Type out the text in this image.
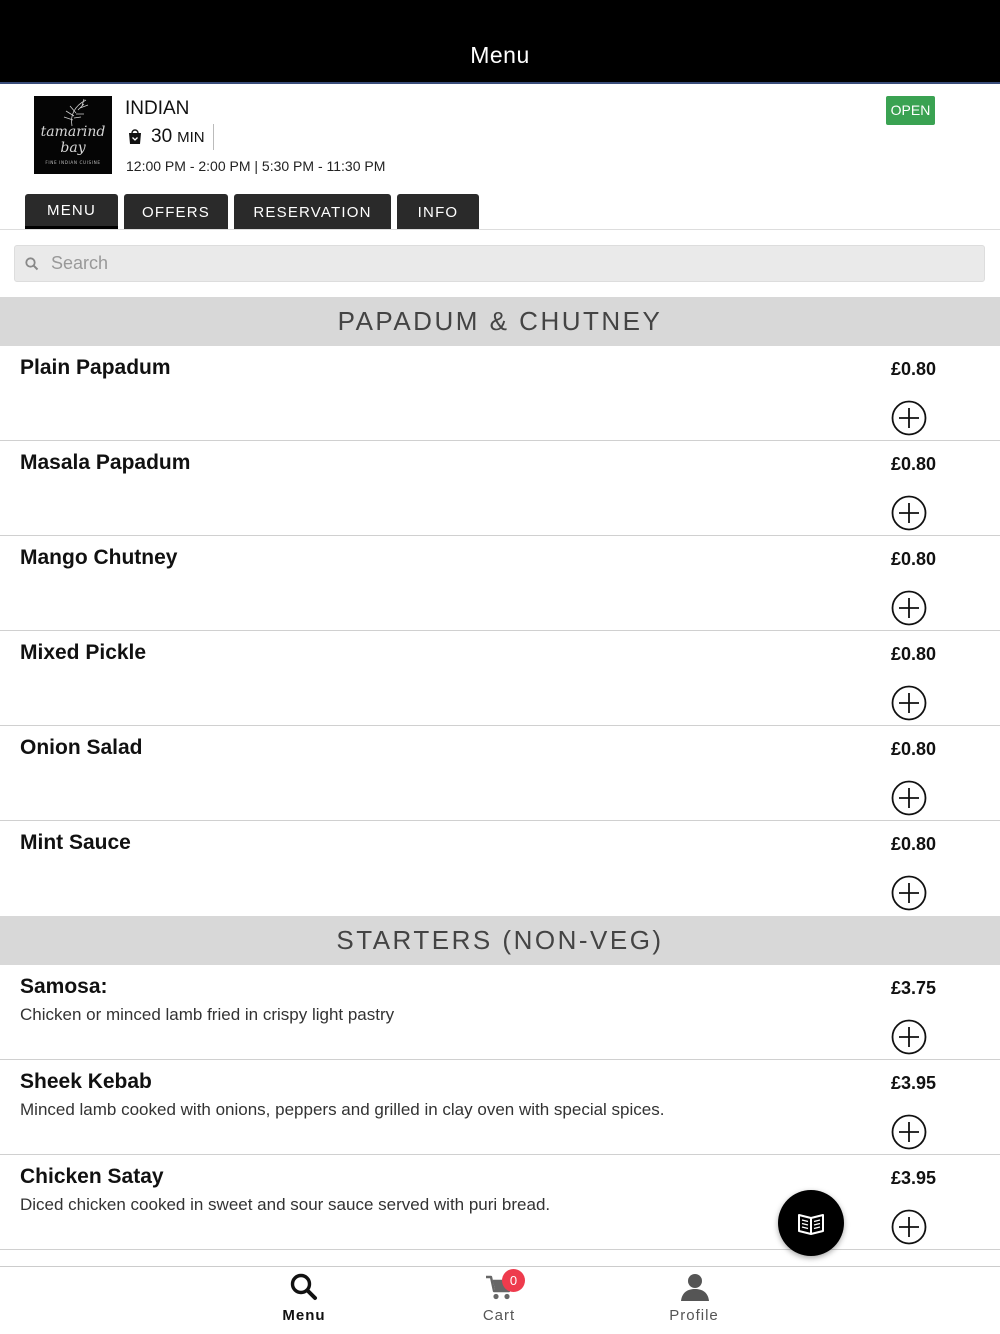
Menu
tamarind
bay
FINE INDIAN CUISINE
INDIAN
30 MIN
12:00 PM - 2:00 PM | 5:30 PM - 11:30 PM
OPEN
MENU	OFFERS	RESERVATION	INFO
Search
PAPADUM & CHUTNEY
Plain Papadum	£0.80
Masala Papadum	£0.80
Mango Chutney	£0.80
Mixed Pickle	£0.80
Onion Salad	£0.80
Mint Sauce	£0.80
STARTERS (NON-VEG)
Samosa:
Chicken or minced lamb fried in crispy light pastry
£3.75
Sheek Kebab
Minced lamb cooked with onions, peppers and grilled in clay oven with special spices.
£3.95
Chicken Satay
Diced chicken cooked in sweet and sour sauce served with puri bread.
£3.95
Menu
0
Cart	Profile
